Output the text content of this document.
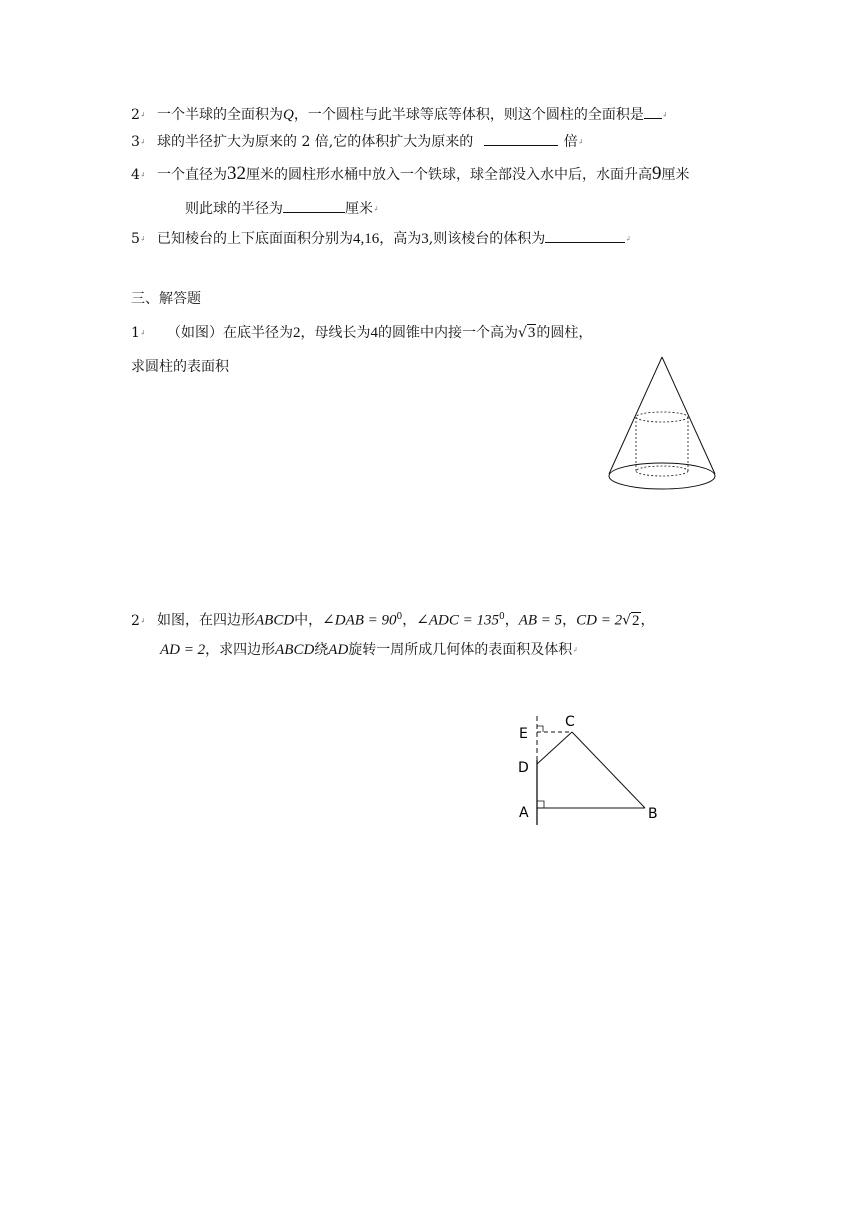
2↲ 一个半球的全面积为Q，一个圆柱与此半球等底等体积，则这个圆柱的全面积是	↲
3↲ 球的半径扩大为原来的 2 倍,它的体积扩大为原来的	倍↲
4↲ 一个直径为32厘米的圆柱形水桶中放入一个铁球，球全部没入水中后，水面升高9厘米
则此球的半径为	厘米↲
5↲ 已知棱台的上下底面面积分别为4,16，高为3,则该棱台的体积为	↲
三、解答题
1↲ （如图）在底半径为2，母线长为4的圆锥中内接一个高为√3的圆柱，
求圆柱的表面积
2↲ 如图，在四边形ABCD中，∠DAB = $90^0$，∠ADC = $135^0$，AB = 5，CD = 2√2，
AD = 2，求四边形ABCD绕AD旋转一周所成几何体的表面积及体积↲
E
C
D
A	B
